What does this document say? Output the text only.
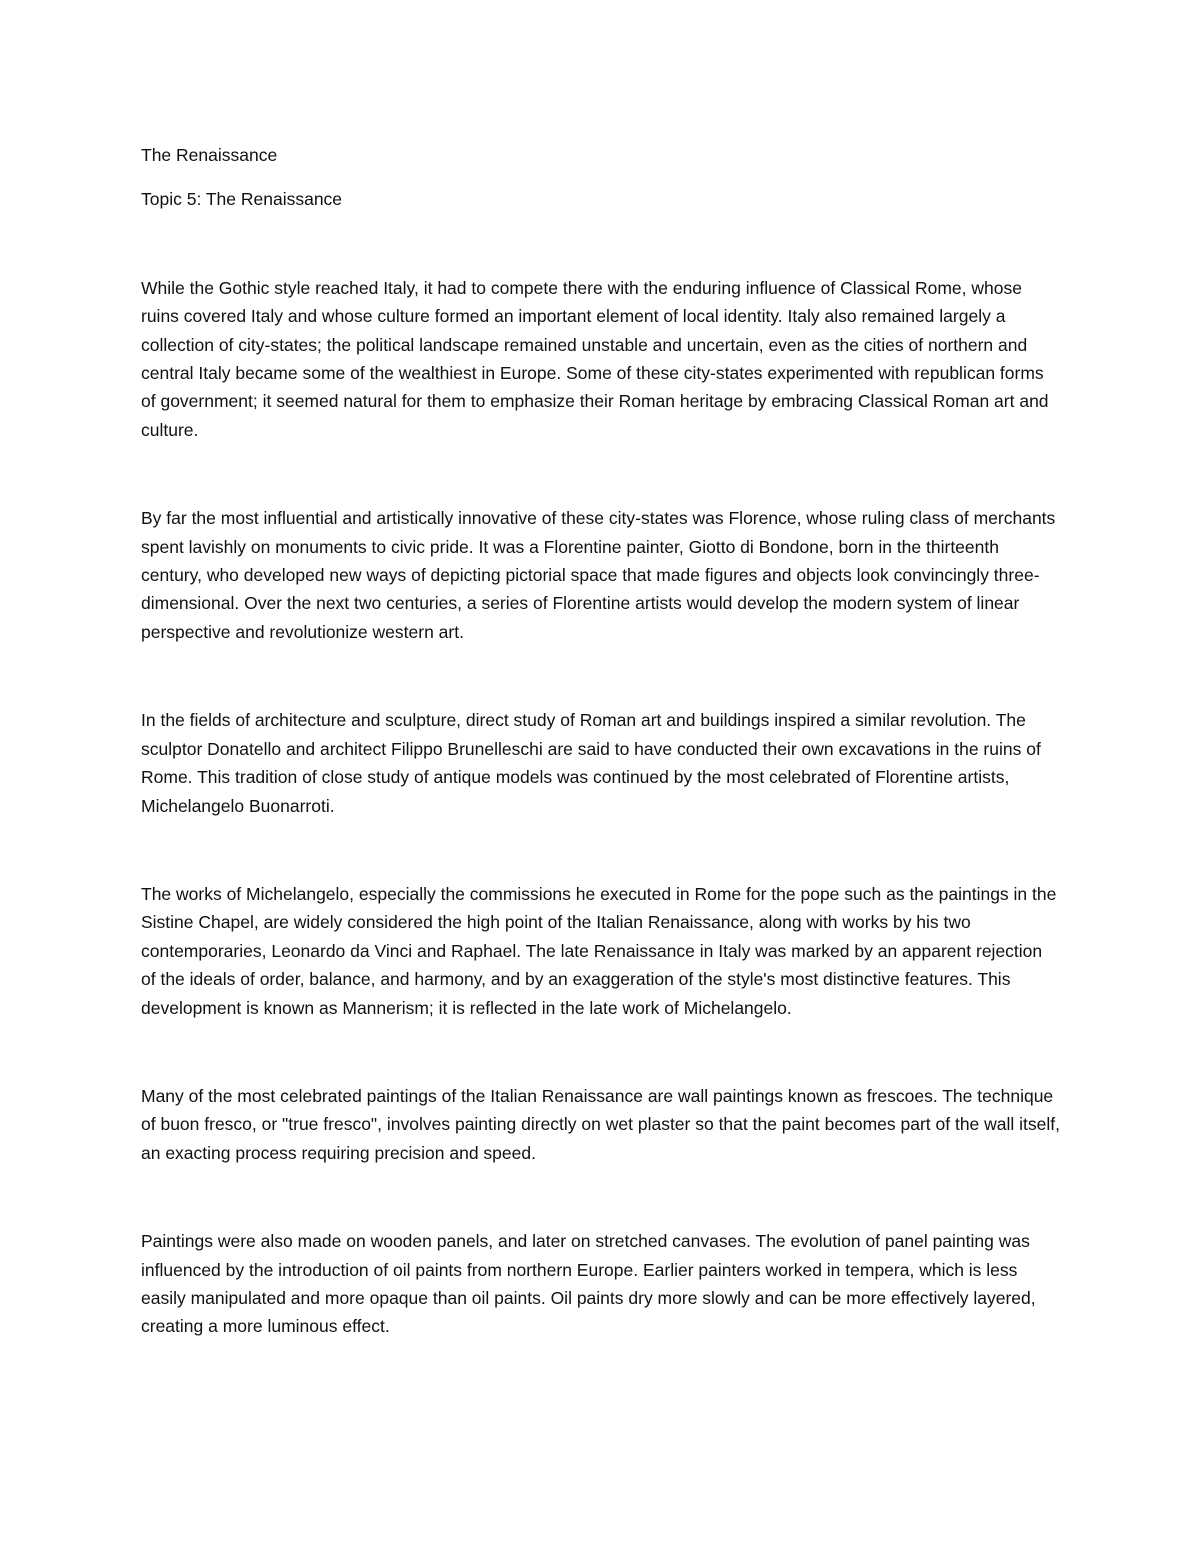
The Renaissance

Topic 5: The Renaissance

While the Gothic style reached Italy, it had to compete there with the enduring influence of Classical Rome, whose ruins covered Italy and whose culture formed an important element of local identity. Italy also remained largely a collection of city-states; the political landscape remained unstable and uncertain, even as the cities of northern and central Italy became some of the wealthiest in Europe. Some of these city-states experimented with republican forms of government; it seemed natural for them to emphasize their Roman heritage by embracing Classical Roman art and culture.

By far the most influential and artistically innovative of these city-states was Florence, whose ruling class of merchants spent lavishly on monuments to civic pride. It was a Florentine painter, Giotto di Bondone, born in the thirteenth century, who developed new ways of depicting pictorial space that made figures and objects look convincingly three-dimensional. Over the next two centuries, a series of Florentine artists would develop the modern system of linear perspective and revolutionize western art.

In the fields of architecture and sculpture, direct study of Roman art and buildings inspired a similar revolution. The sculptor Donatello and architect Filippo Brunelleschi are said to have conducted their own excavations in the ruins of Rome. This tradition of close study of antique models was continued by the most celebrated of Florentine artists, Michelangelo Buonarroti.

The works of Michelangelo, especially the commissions he executed in Rome for the pope such as the paintings in the Sistine Chapel, are widely considered the high point of the Italian Renaissance, along with works by his two contemporaries, Leonardo da Vinci and Raphael. The late Renaissance in Italy was marked by an apparent rejection of the ideals of order, balance, and harmony, and by an exaggeration of the style's most distinctive features. This development is known as Mannerism; it is reflected in the late work of Michelangelo.

Many of the most celebrated paintings of the Italian Renaissance are wall paintings known as frescoes. The technique of buon fresco, or "true fresco", involves painting directly on wet plaster so that the paint becomes part of the wall itself, an exacting process requiring precision and speed.

Paintings were also made on wooden panels, and later on stretched canvases. The evolution of panel painting was influenced by the introduction of oil paints from northern Europe. Earlier painters worked in tempera, which is less easily manipulated and more opaque than oil paints. Oil paints dry more slowly and can be more effectively layered, creating a more luminous effect.
